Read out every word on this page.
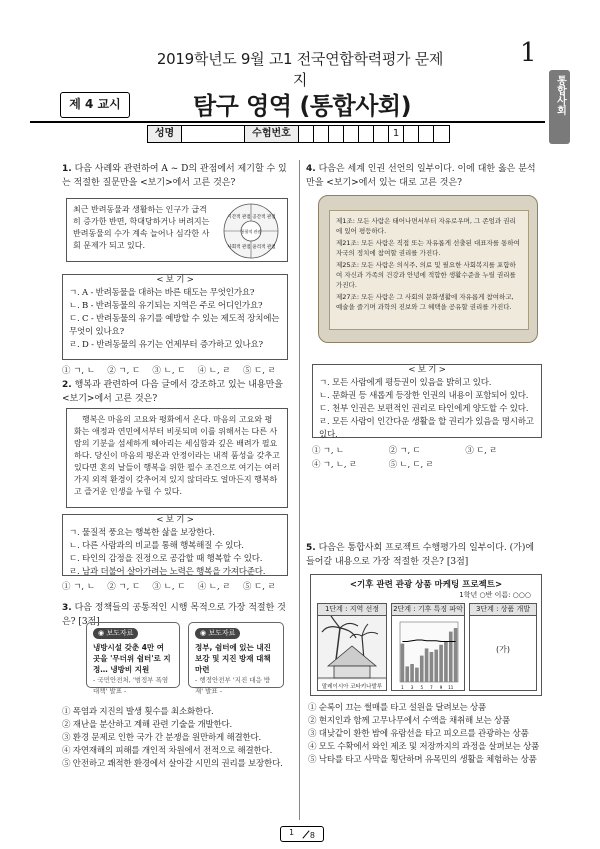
2019학년도 9월 고1 전국연합학력평가 문제지
1
통합사회
제 4 교시	탐구 영역 (통합사회)
성명	수험번호	1
1. 다음 사례와 관련하여 A ~ D의 관점에서 제기할 수 있는 적절한 질문만을 <보기>에서 고른 것은?
최근 반려동물과 생활하는 인구가 급격히 증가한 반면, 학대당하거나 버려지는 반려동물의 수가 계속 늘어나 심각한 사회 문제가 되고 있다.
시간적 관점 공간적 관점
사회적 관점 윤리적 관점
통합적 관점
< 보 기 >
ㄱ. A - 반려동물을 대하는 바른 태도는 무엇인가요?
ㄴ. B - 반려동물의 유기되는 지역은 주로 어디인가요?
ㄷ. C - 반려동물의 유기를 예방할 수 있는 제도적 장치에는 무엇이 있나요?
ㄹ. D - 반려동물의 유기는 언제부터 증가하고 있나요?
① ㄱ, ㄴ	② ㄱ, ㄷ	③ ㄴ, ㄷ	④ ㄴ, ㄹ	⑤ ㄷ, ㄹ
2. 행복과 관련하여 다음 글에서 강조하고 있는 내용만을 <보기>에서 고른 것은?
행복은 마음의 고요와 평화에서 온다. 마음의 고요와 평화는 애정과 연민에서부터 비롯되며 이를 위해서는 다른 사람의 기분을 섬세하게 헤아리는 세심함과 깊은 배려가 필요하다. 당신이 마음의 평온과 안정이라는 내적 품성을 갖추고 있다면 혼의 날들이 행복을 위한 필수 조건으로 여기는 여러 가지 외적 환경이 갖추어져 있지 않더라도 얼마든지 행복하고 즐거운 인생을 누릴 수 있다.
< 보 기 >
ㄱ. 물질적 풍요는 행복한 삶을 보장한다.
ㄴ. 다른 사람과의 비교를 통해 행복해질 수 있다.
ㄷ. 타인의 감정을 진정으로 공감할 때 행복할 수 있다.
ㄹ. 남과 더불어 살아가려는 노력은 행복을 가져다준다.
① ㄱ, ㄴ	② ㄱ, ㄷ	③ ㄴ, ㄷ	④ ㄴ, ㄹ	⑤ ㄷ, ㄹ
3. 다음 정책들의 공통적인 시행 목적으로 가장 적절한 것은? [3점]
◉ 보도자료
냉방시설 갖춘 4만 여 곳을 '무더위 쉼터'로 지정… 냉방비 지원
- 국민안전처, '범정부 폭염 대책' 발표 -
◉ 보도자료
정부, 쉼터에 있는 내진 보강 및 지진 방재 대책 마련
- 행정안전부 '지진 대응 방재' 발표 -
① 폭염과 지진의 발생 횟수를 최소화한다.
② 재난을 분산하고 계해 관련 기술을 개발한다.
③ 환경 문제로 인한 국가 간 분쟁을 원만하게 해결한다.
④ 자연재해의 피해를 개인적 차원에서 전적으로 해결한다.
⑤ 안전하고 쾌적한 환경에서 살아갈 시민의 권리를 보장한다.
4. 다음은 세계 인권 선언의 일부이다. 이에 대한 옳은 분석만을 <보기>에서 있는 대로 고른 것은?
제1조: 모든 사람은 태어나면서부터 자유로우며, 그 존엄과 권리에 있어 평등하다.
제21조: 모든 사람은 직접 또는 자유롭게 선출된 대표자를 통하여 자국의 정치에 참여할 권리를 가진다.
제25조: 모든 사람은 의식주, 의료 및 필요한 사회복지를 포함하여 자신과 가족의 건강과 안녕에 적합한 생활수준을 누릴 권리를 가진다.
제27조: 모든 사람은 그 사회의 문화생활에 자유롭게 참여하고, 예술을 즐기며 과학의 진보와 그 혜택을 공유할 권리를 가진다.
< 보 기 >
ㄱ. 모든 사람에게 평등권이 있음을 밝히고 있다.
ㄴ. 문화권 등 새롭게 등장한 인권의 내용이 포함되어 있다.
ㄷ. 천부 인권은 보편적인 권리로 타인에게 양도할 수 있다.
ㄹ. 모든 사람이 인간다운 생활을 할 권리가 있음을 명시하고 있다.
① ㄱ, ㄴ	② ㄱ, ㄷ	③ ㄷ, ㄹ
④ ㄱ, ㄴ, ㄹ	⑤ ㄴ, ㄷ, ㄹ
5. 다음은 통합사회 프로젝트 수행평가의 일부이다. (가)에 들어갈 내용으로 가장 적절한 것은? [3점]
<기후 관련 관광 상품 마케팅 프로젝트>
1학년 ○반 이름: ○○○
1단계 : 지역 선정
말레이시아 코타키나발루
2단계 : 기후 특징 파악
1 3 5 7 9 11
3단계 : 상품 개발
(가)
① 순록이 끄는 썰매를 타고 설원을 달려보는 상품
② 현지인과 함께 고무나무에서 수액을 채취해 보는 상품
③ 대낮같이 환한 밤에 유람선을 타고 피오르를 관광하는 상품
④ 모도 수확에서 와인 제조 및 저장까지의 과정을 살펴보는 상품
⑤ 낙타를 타고 사막을 횡단하며 유목민의 생활을 체험하는 상품
1 8
